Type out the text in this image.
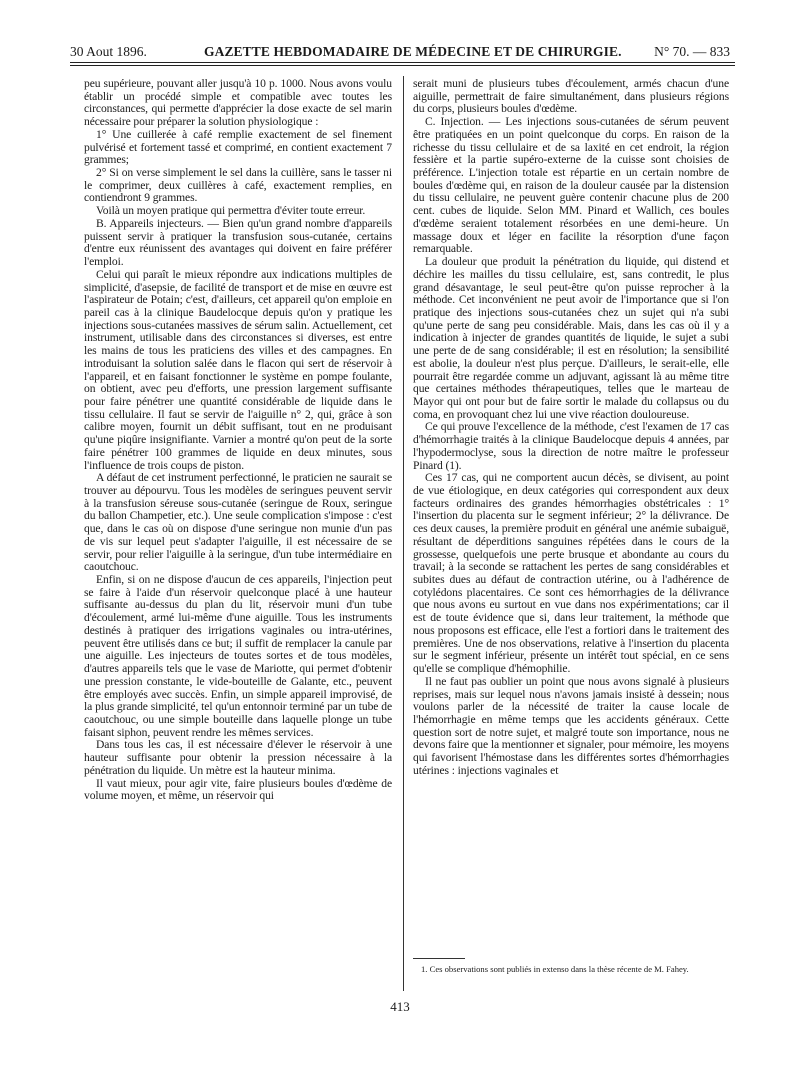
30 Aout 1896.	GAZETTE HEBDOMADAIRE DE MÉDECINE ET DE CHIRURGIE. N° 70. — 833

peu supérieure, pouvant aller jusqu'à 10 p. 1000. Nous avons voulu établir un procédé simple et compatible avec toutes les circonstances, qui permette d'apprécier la dose exacte de sel marin nécessaire pour préparer la solution physiologique :

1° Une cuillerée à café remplie exactement de sel finement pulvérisé et fortement tassé et comprimé, en contient exactement 7 grammes;

2° Si on verse simplement le sel dans la cuillère, sans le tasser ni le comprimer, deux cuillères à café, exactement remplies, en contiendront 9 grammes.

Voilà un moyen pratique qui permettra d'éviter toute erreur.

B. Appareils injecteurs. — Bien qu'un grand nombre d'appareils puissent servir à pratiquer la transfusion sous-cutanée, certains d'entre eux réunissent des avantages qui doivent en faire préférer l'emploi.

Celui qui paraît le mieux répondre aux indications multiples de simplicité, d'asepsie, de facilité de transport et de mise en œuvre est l'aspirateur de Potain; c'est, d'ailleurs, cet appareil qu'on emploie en pareil cas à la clinique Baudelocque depuis qu'on y pratique les injections sous-cutanées massives de sérum salin. Actuellement, cet instrument, utilisable dans des circonstances si diverses, est entre les mains de tous les praticiens des villes et des campagnes. En introduisant la solution salée dans le flacon qui sert de réservoir à l'appareil, et en faisant fonctionner le système en pompe foulante, on obtient, avec peu d'efforts, une pression largement suffisante pour faire pénétrer une quantité considérable de liquide dans le tissu cellulaire. Il faut se servir de l'aiguille n° 2, qui, grâce à son calibre moyen, fournit un débit suffisant, tout en ne produisant qu'une piqûre insignifiante. Varnier a montré qu'on peut de la sorte faire pénétrer 100 grammes de liquide en deux minutes, sous l'influence de trois coups de piston.

A défaut de cet instrument perfectionné, le praticien ne saurait se trouver au dépourvu. Tous les modèles de seringues peuvent servir à la transfusion séreuse sous-cutanée (seringue de Roux, seringue du ballon Champetier, etc.). Une seule complication s'impose : c'est que, dans le cas où on dispose d'une seringue non munie d'un pas de vis sur lequel peut s'adapter l'aiguille, il est nécessaire de se servir, pour relier l'aiguille à la seringue, d'un tube intermédiaire en caoutchouc.

Enfin, si on ne dispose d'aucun de ces appareils, l'injection peut se faire à l'aide d'un réservoir quelconque placé à une hauteur suffisante au-dessus du plan du lit, réservoir muni d'un tube d'écoulement, armé lui-même d'une aiguille. Tous les instruments destinés à pratiquer des irrigations vaginales ou intra-utérines, peuvent être utilisés dans ce but; il suffit de remplacer la canule par une aiguille. Les injecteurs de toutes sortes et de tous modèles, d'autres appareils tels que le vase de Mariotte, qui permet d'obtenir une pression constante, le vide-bouteille de Galante, etc., peuvent être employés avec succès. Enfin, un simple appareil improvisé, de la plus grande simplicité, tel qu'un entonnoir terminé par un tube de caoutchouc, ou une simple bouteille dans laquelle plonge un tube faisant siphon, peuvent rendre les mêmes services.

Dans tous les cas, il est nécessaire d'élever le réservoir à une hauteur suffisante pour obtenir la pression nécessaire à la pénétration du liquide. Un mètre est la hauteur minima.

Il vaut mieux, pour agir vite, faire plusieurs boules d'œdème de volume moyen, et même, un réservoir qui

serait muni de plusieurs tubes d'écoulement, armés chacun d'une aiguille, permettrait de faire simultanément, dans plusieurs régions du corps, plusieurs boules d'œdème.

C. Injection. — Les injections sous-cutanées de sérum peuvent être pratiquées en un point quelconque du corps. En raison de la richesse du tissu cellulaire et de sa laxité en cet endroit, la région fessière et la partie supéro-externe de la cuisse sont choisies de préférence. L'injection totale est répartie en un certain nombre de boules d'œdème qui, en raison de la douleur causée par la distension du tissu cellulaire, ne peuvent guère contenir chacune plus de 200 cent. cubes de liquide. Selon MM. Pinard et Wallich, ces boules d'œdème seraient totalement résorbées en une demi-heure. Un massage doux et léger en facilite la résorption d'une façon remarquable.

La douleur que produit la pénétration du liquide, qui distend et déchire les mailles du tissu cellulaire, est, sans contredit, le plus grand désavantage, le seul peut-être qu'on puisse reprocher à la méthode. Cet inconvénient ne peut avoir de l'importance que si l'on pratique des injections sous-cutanées chez un sujet qui n'a subi qu'une perte de sang peu considérable. Mais, dans les cas où il y a indication à injecter de grandes quantités de liquide, le sujet a subi une perte de de sang considérable; il est en résolution; la sensibilité est abolie, la douleur n'est plus perçue. D'ailleurs, le serait-elle, elle pourrait être regardée comme un adjuvant, agissant là au même titre que certaines méthodes thérapeutiques, telles que le marteau de Mayor qui ont pour but de faire sortir le malade du collapsus ou du coma, en provoquant chez lui une vive réaction douloureuse.

Ce qui prouve l'excellence de la méthode, c'est l'examen de 17 cas d'hémorrhagie traités à la clinique Baudelocque depuis 4 années, par l'hypodermoclyse, sous la direction de notre maître le professeur Pinard (1).

Ces 17 cas, qui ne comportent aucun décès, se divisent, au point de vue étiologique, en deux catégories qui correspondent aux deux facteurs ordinaires des grandes hémorrhagies obstétricales : 1° l'insertion du placenta sur le segment inférieur; 2° la délivrance. De ces deux causes, la première produit en général une anémie subaiguë, résultant de déperditions sanguines répétées dans le cours de la grossesse, quelquefois une perte brusque et abondante au cours du travail; à la seconde se rattachent les pertes de sang considérables et subites dues au défaut de contraction utérine, ou à l'adhérence de cotylédons placentaires. Ce sont ces hémorrhagies de la délivrance que nous avons eu surtout en vue dans nos expérimentations; car il est de toute évidence que si, dans leur traitement, la méthode que nous proposons est efficace, elle l'est a fortiori dans le traitement des premières. Une de nos observations, relative à l'insertion du placenta sur le segment inférieur, présente un intérêt tout spécial, en ce sens qu'elle se complique d'hémophilie.

Il ne faut pas oublier un point que nous avons signalé à plusieurs reprises, mais sur lequel nous n'avons jamais insisté à dessein; nous voulons parler de la nécessité de traiter la cause locale de l'hémorrhagie en même temps que les accidents généraux. Cette question sort de notre sujet, et malgré toute son importance, nous ne devons faire que la mentionner et signaler, pour mémoire, les moyens qui favorisent l'hémostase dans les différentes sortes d'hémorrhagies utérines : injections vaginales et

1. Ces observations sont publiés in extenso dans la thèse récente de M. Fahey.

413
